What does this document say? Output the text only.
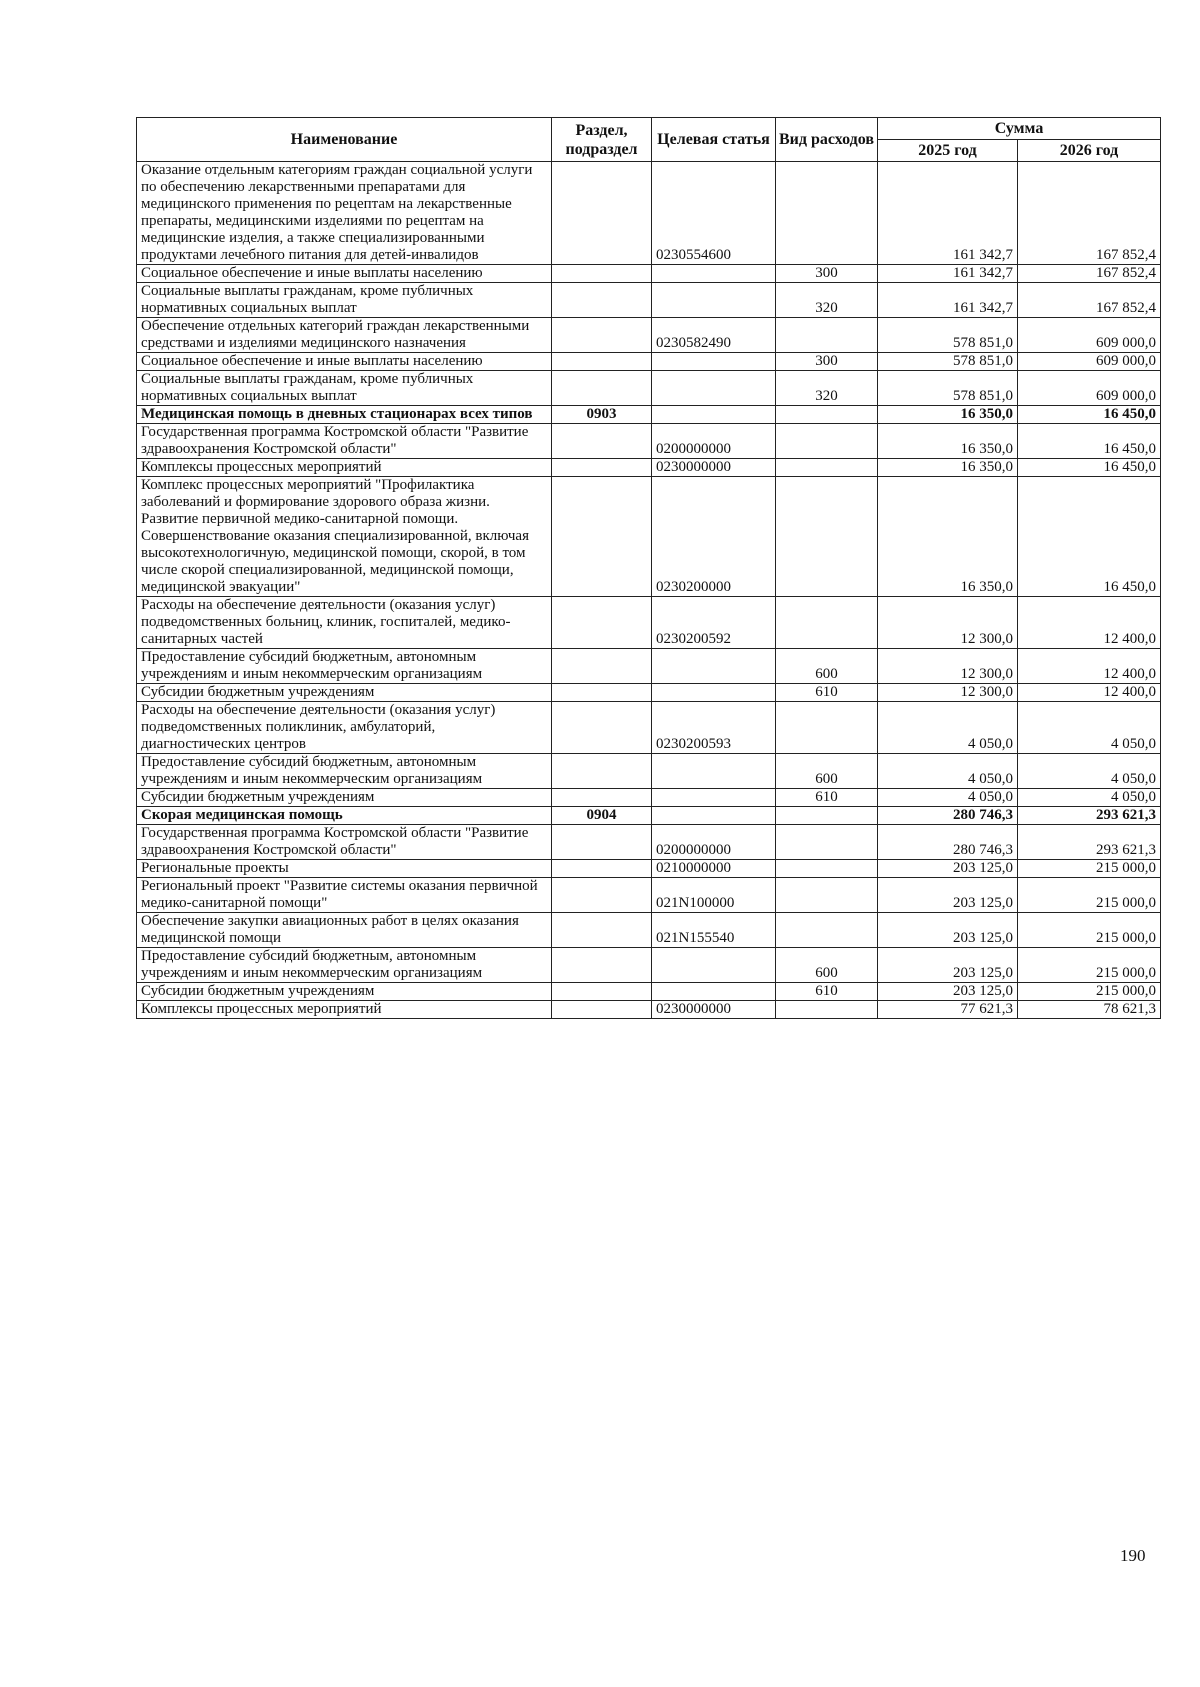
Наименование	Раздел, подраздел	Целевая статья	Вид расходов	Сумма	
				2025 год	2026 год
Оказание отдельным категориям граждан социальной услуги по обеспечению лекарственными препаратами для медицинского применения по рецептам на лекарственные препараты, медицинскими изделиями по рецептам на медицинские изделия, а также специализированными продуктами лечебного питания для детей-инвалидов		0230554600		161 342,7	167 852,4
Социальное обеспечение и иные выплаты населению			300	161 342,7	167 852,4
Социальные выплаты гражданам, кроме публичных нормативных социальных выплат			320	161 342,7	167 852,4
Обеспечение отдельных категорий граждан лекарственными средствами и изделиями медицинского назначения		0230582490		578 851,0	609 000,0
Социальное обеспечение и иные выплаты населению			300	578 851,0	609 000,0
Социальные выплаты гражданам, кроме публичных нормативных социальных выплат			320	578 851,0	609 000,0
Медицинская помощь в дневных стационарах всех типов	0903			16 350,0	16 450,0
Государственная программа Костромской области "Развитие здравоохранения Костромской области"		0200000000		16 350,0	16 450,0
Комплексы процессных мероприятий		0230000000		16 350,0	16 450,0
Комплекс процессных мероприятий "Профилактика заболеваний и формирование здорового образа жизни. Развитие первичной медико-санитарной помощи. Совершенствование оказания специализированной, включая высокотехнологичную, медицинской помощи, скорой, в том числе скорой специализированной, медицинской помощи, медицинской эвакуации"		0230200000		16 350,0	16 450,0
Расходы на обеспечение деятельности (оказания услуг) подведомственных больниц, клиник, госпиталей, медико-санитарных частей		0230200592		12 300,0	12 400,0
Предоставление субсидий бюджетным, автономным учреждениям и иным некоммерческим организациям			600	12 300,0	12 400,0
Субсидии бюджетным учреждениям			610	12 300,0	12 400,0
Расходы на обеспечение деятельности (оказания услуг) подведомственных поликлиник, амбулаторий, диагностических центров		0230200593		4 050,0	4 050,0
Предоставление субсидий бюджетным, автономным учреждениям и иным некоммерческим организациям			600	4 050,0	4 050,0
Субсидии бюджетным учреждениям			610	4 050,0	4 050,0
Скорая медицинская помощь	0904			280 746,3	293 621,3
Государственная программа Костромской области "Развитие здравоохранения Костромской области"		0200000000		280 746,3	293 621,3
Региональные проекты		0210000000		203 125,0	215 000,0
Региональный проект "Развитие системы оказания первичной медико-санитарной помощи"		021N100000		203 125,0	215 000,0
Обеспечение закупки авиационных работ в целях оказания медицинской помощи		021N155540		203 125,0	215 000,0
Предоставление субсидий бюджетным, автономным учреждениям и иным некоммерческим организациям			600	203 125,0	215 000,0
Субсидии бюджетным учреждениям			610	203 125,0	215 000,0
Комплексы процессных мероприятий		0230000000		77 621,3	78 621,3
190
